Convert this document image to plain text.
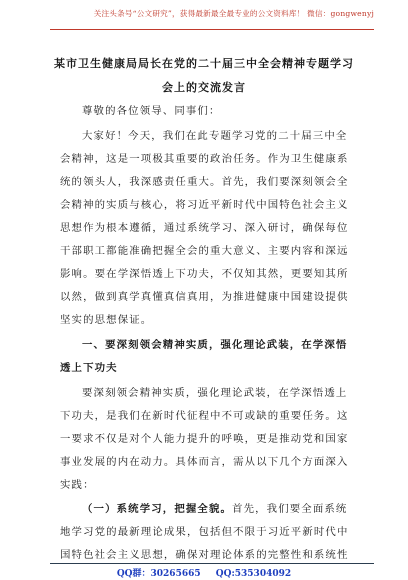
关注头条号“公文研究”，获得最新最全最专业的公文资料库！ 微信：gongwenyj
某市卫生健康局局长在党的二十届三中全会精神专题学习
会上的交流发言
尊敬的各位领导、同事们：
大家好！今天，我们在此专题学习党的二十届三中全
会精神，这是一项极其重要的政治任务。作为卫生健康系
统的领头人，我深感责任重大。首先，我们要深刻领会全
会精神的实质与核心，将习近平新时代中国特色社会主义
思想作为根本遵循，通过系统学习、深入研讨，确保每位
干部职工都能准确把握全会的重大意义、主要内容和深远
影响。要在学深悟透上下功夫，不仅知其然，更要知其所
以然，做到真学真懂真信真用，为推进健康中国建设提供
坚实的思想保证。
一、要深刻领会精神实质，强化理论武装，在学深悟
透上下功夫
要深刻领会精神实质，强化理论武装，在学深悟透上
下功夫，是我们在新时代征程中不可或缺的重要任务。这
一要求不仅是对个人能力提升的呼唤，更是推动党和国家
事业发展的内在动力。具体而言，需从以下几个方面深入
实践：
（一）系统学习，把握全貌。首先，我们要全面系统
地学习党的最新理论成果，包括但不限于习近平新时代中
国特色社会主义思想，确保对理论体系的完整性和系统性
QQ群：30265665 QQ:535304092
